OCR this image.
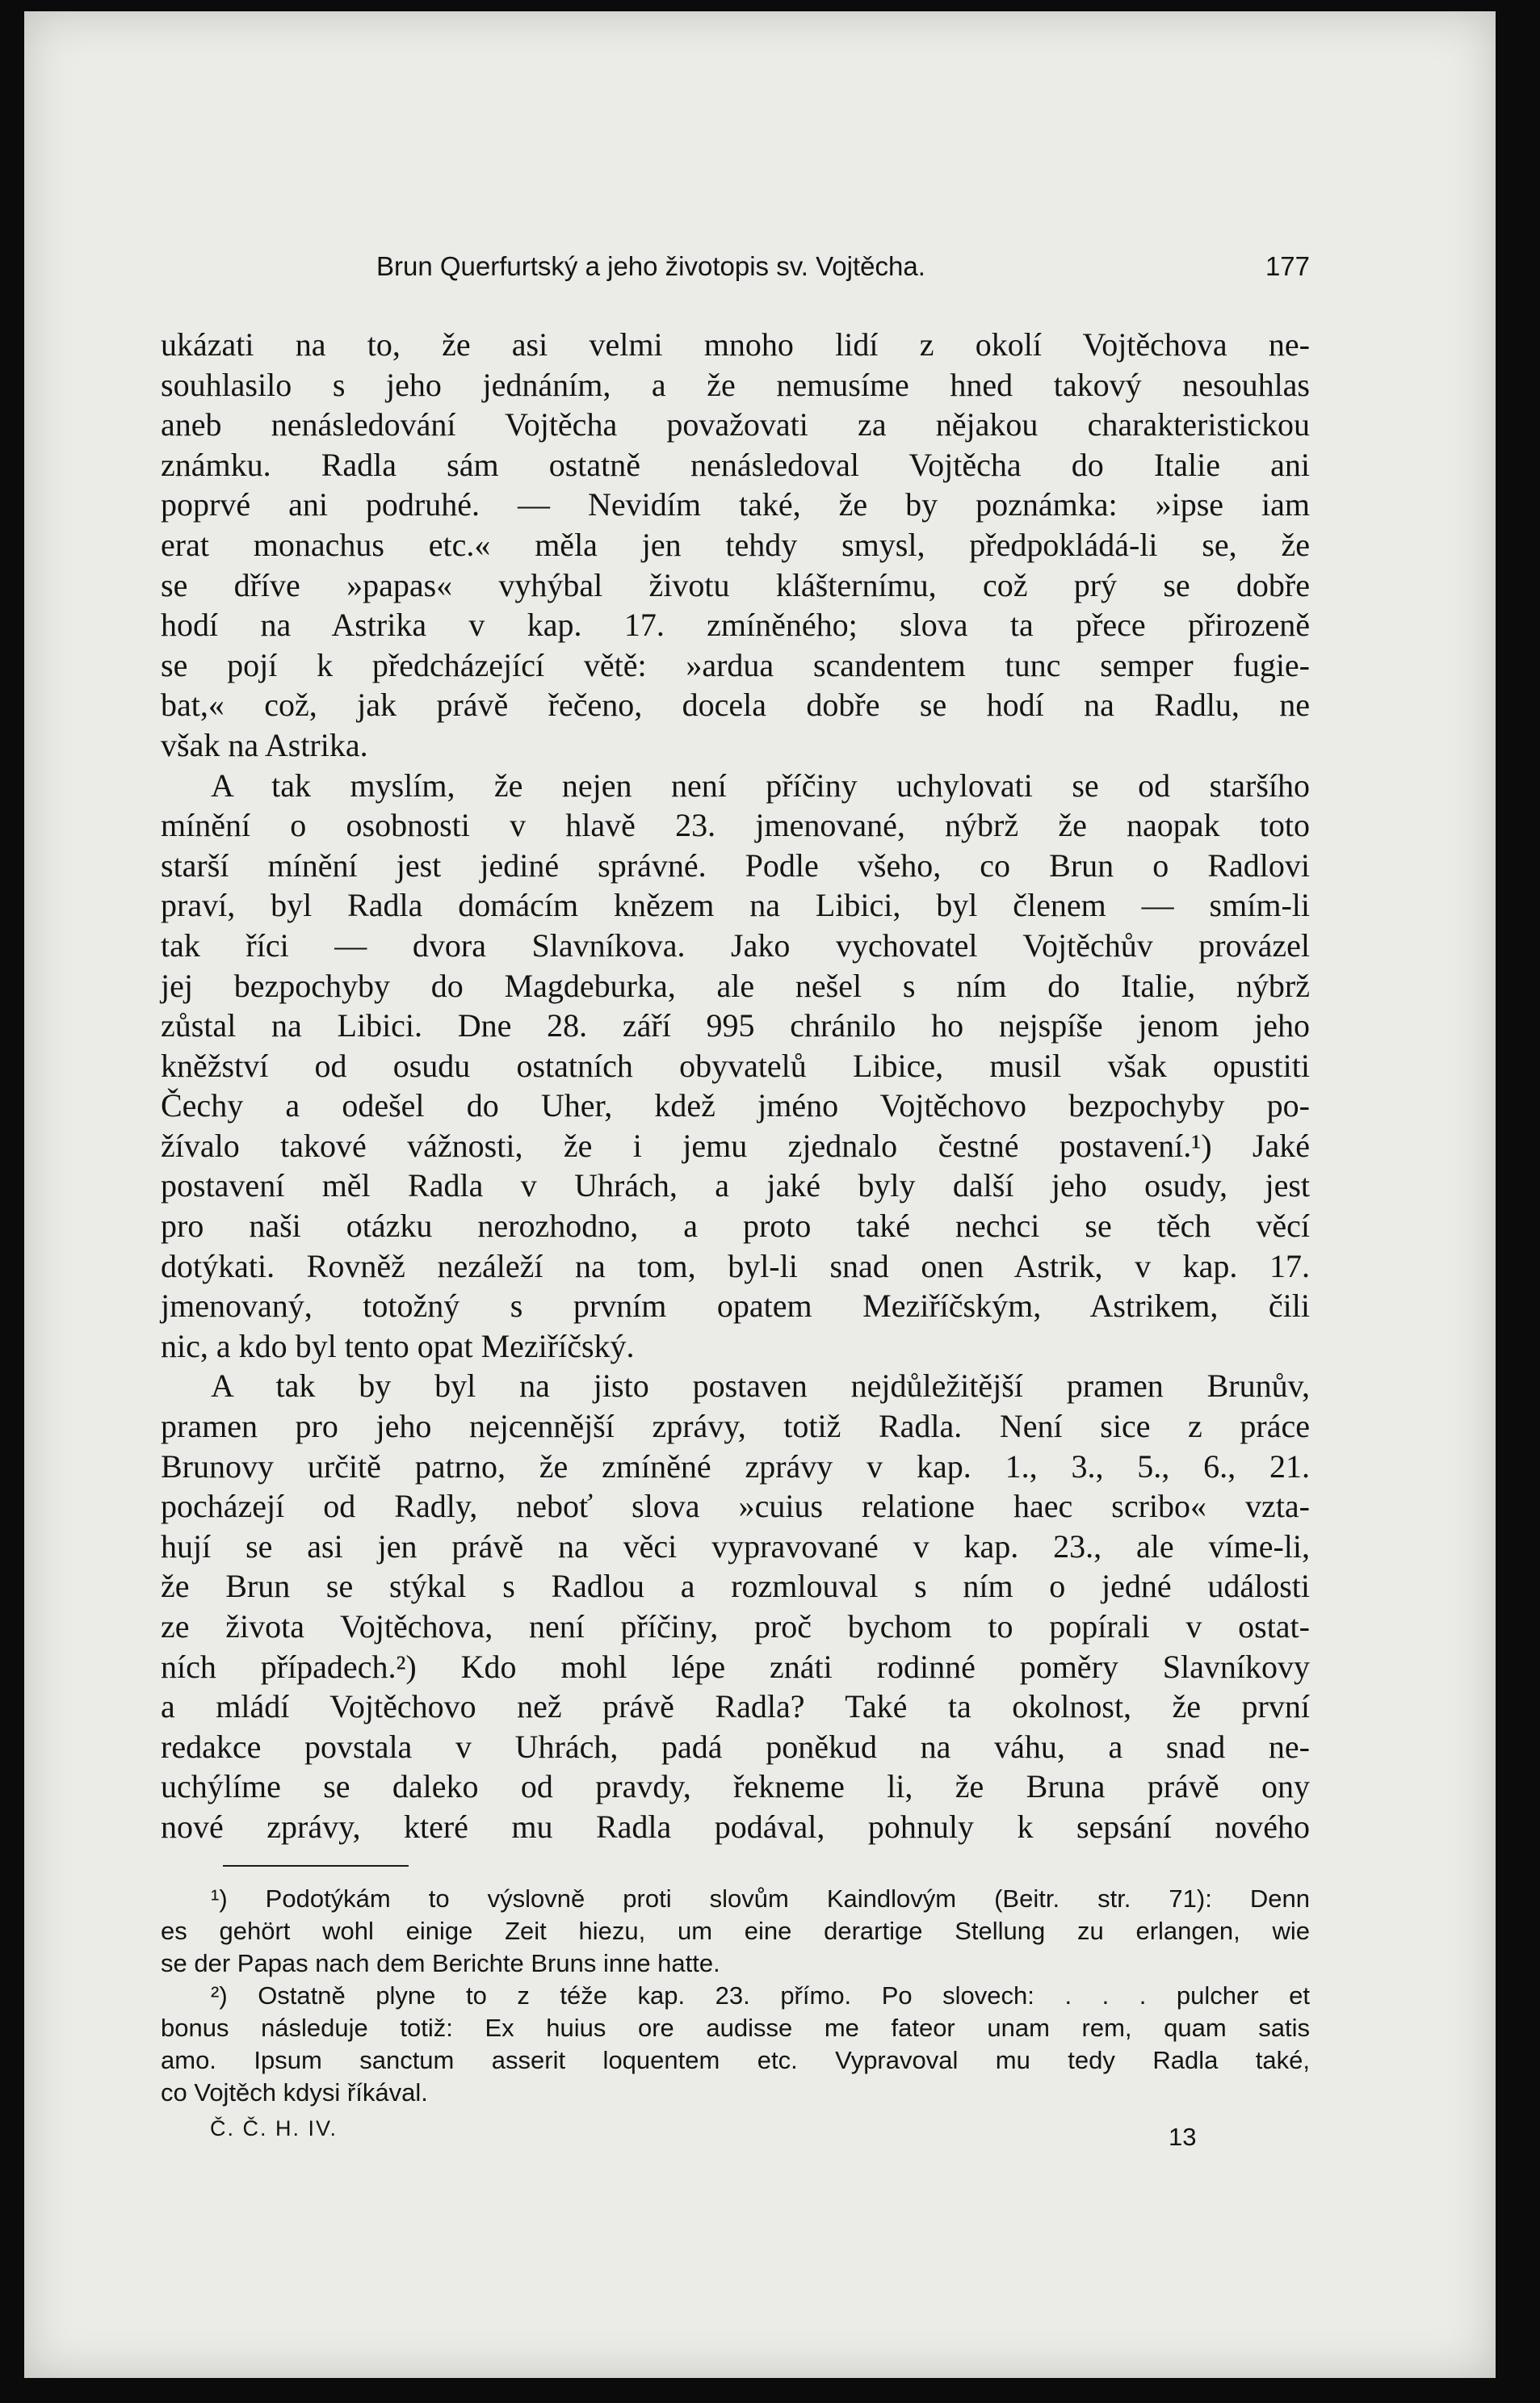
Brun Querfurtský a jeho životopis sv. Vojtěcha.	177
ukázati na to, že asi velmi mnoho lidí z okolí Vojtěchova ne-
souhlasilo s jeho jednáním, a že nemusíme hned takový nesouhlas
aneb nenásledování Vojtěcha považovati za nějakou charakteristickou
známku. Radla sám ostatně nenásledoval Vojtěcha do Italie ani
poprvé ani podruhé. — Nevidím také, že by poznámka: »ipse iam
erat monachus etc.« měla jen tehdy smysl, předpokládá-li se, že
se dříve »papas« vyhýbal životu klášternímu, což prý se dobře
hodí na Astrika v kap. 17. zmíněného; slova ta přece přirozeně
se pojí k předcházející větě: »ardua scandentem tunc semper fugie-
bat,« což, jak právě řečeno, docela dobře se hodí na Radlu, ne
však na Astrika.
A tak myslím, že nejen není příčiny uchylovati se od staršího
mínění o osobnosti v hlavě 23. jmenované, nýbrž že naopak toto
starší mínění jest jediné správné. Podle všeho, co Brun o Radlovi
praví, byl Radla domácím knězem na Libici, byl členem — smím-li
tak říci — dvora Slavníkova. Jako vychovatel Vojtěchův provázel
jej bezpochyby do Magdeburka, ale nešel s ním do Italie, nýbrž
zůstal na Libici. Dne 28. září 995 chránilo ho nejspíše jenom jeho
kněžství od osudu ostatních obyvatelů Libice, musil však opustiti
Čechy a odešel do Uher, kdež jméno Vojtěchovo bezpochyby po-
žívalo takové vážnosti, že i jemu zjednalo čestné postavení.¹) Jaké
postavení měl Radla v Uhrách, a jaké byly další jeho osudy, jest
pro naši otázku nerozhodno, a proto také nechci se těch věcí
dotýkati. Rovněž nezáleží na tom, byl-li snad onen Astrik, v kap. 17.
jmenovaný, totožný s prvním opatem Meziříčským, Astrikem, čili
nic, a kdo byl tento opat Meziříčský.
A tak by byl na jisto postaven nejdůležitější pramen Brunův,
pramen pro jeho nejcennější zprávy, totiž Radla. Není sice z práce
Brunovy určitě patrno, že zmíněné zprávy v kap. 1., 3., 5., 6., 21.
pocházejí od Radly, neboť slova »cuius relatione haec scribo« vzta-
hují se asi jen právě na věci vypravované v kap. 23., ale víme-li,
že Brun se stýkal s Radlou a rozmlouval s ním o jedné události
ze života Vojtěchova, není příčiny, proč bychom to popírali v ostat-
ních případech.²) Kdo mohl lépe znáti rodinné poměry Slavníkovy
a mládí Vojtěchovo než právě Radla? Také ta okolnost, že první
redakce povstala v Uhrách, padá poněkud na váhu, a snad ne-
uchýlíme se daleko od pravdy, řekneme li, že Bruna právě ony
nové zprávy, které mu Radla podával, pohnuly k sepsání nového
¹) Podotýkám to výslovně proti slovům Kaindlovým (Beitr. str. 71): Denn
es gehört wohl einige Zeit hiezu, um eine derartige Stellung zu erlangen, wie
se der Papas nach dem Berichte Bruns inne hatte.
²) Ostatně plyne to z téže kap. 23. přímo. Po slovech: . . . pulcher et
bonus následuje totiž: Ex huius ore audisse me fateor unam rem, quam satis
amo. Ipsum sanctum asserit loquentem etc. Vypravoval mu tedy Radla také,
co Vojtěch kdysi říkával.
Č. Č. H. IV.	13
